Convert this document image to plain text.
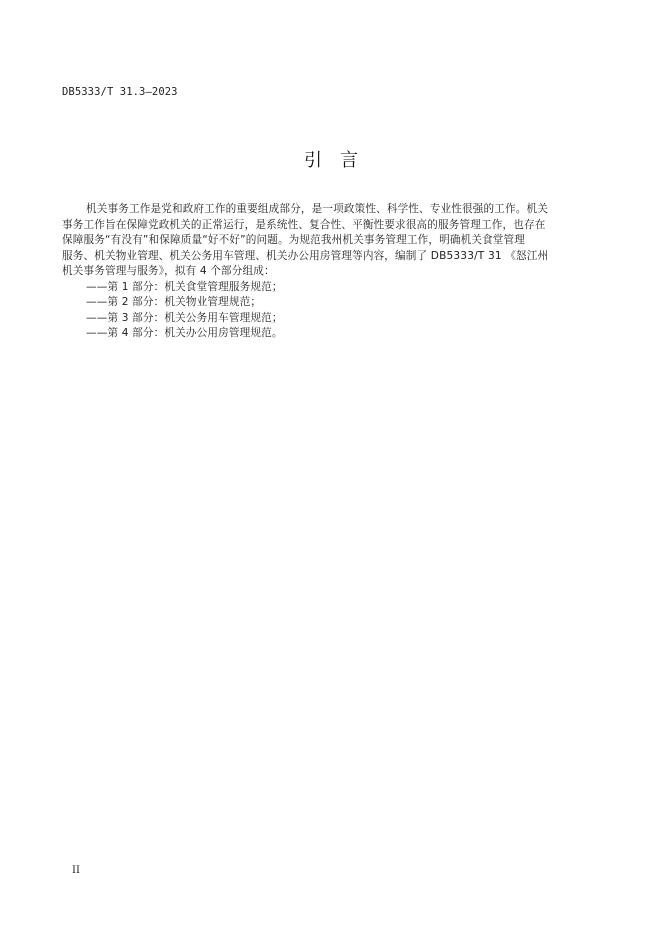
DB5333/T 31.3—2023
引　言
机关事务工作是党和政府工作的重要组成部分，是一项政策性、科学性、专业性很强的工作。机关
事务工作旨在保障党政机关的正常运行，是系统性、复合性、平衡性要求很高的服务管理工作，也存在
保障服务“有没有”和保障质量“好不好”的问题。为规范我州机关事务管理工作，明确机关食堂管理
服务、机关物业管理、机关公务用车管理、机关办公用房管理等内容，编制了 DB5333/T 31 《怒江州
机关事务管理与服务》，拟有 4 个部分组成：
——第 1 部分：机关食堂管理服务规范；
——第 2 部分：机关物业管理规范；
——第 3 部分：机关公务用车管理规范；
——第 4 部分：机关办公用房管理规范。
II
